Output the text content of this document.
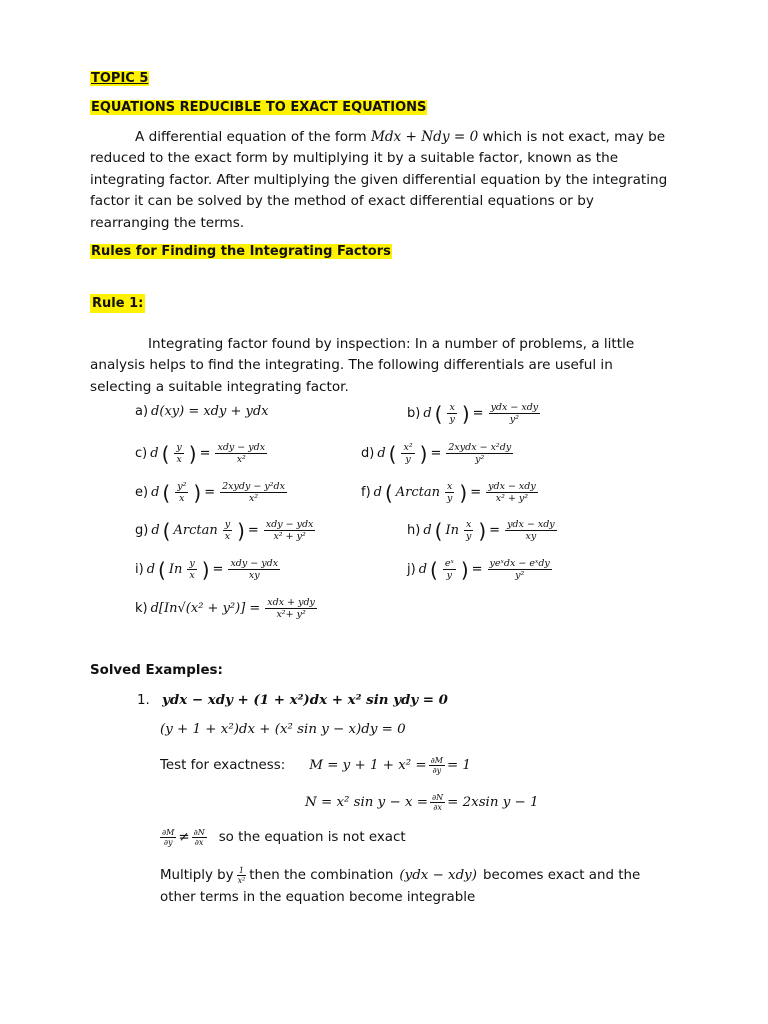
TOPIC 5
EQUATIONS REDUCIBLE TO EXACT EQUATIONS
A differential equation of the form Mdx + Ndy = 0 which is not exact, may be
reduced to the exact form by multiplying it by a suitable factor, known as the
integrating factor. After multiplying the given differential equation by the integrating
factor it can be solved by the method of exact differential equations or by
rearranging the terms.
Rules for Finding the Integrating Factors
Rule 1:
Integrating factor found by inspection: In a number of problems, a little
analysis helps to find the integrating. The following differentials are useful in
selecting a suitable integrating factor.
a) d(xy) = xdy + ydx	b) d ( $\frac{x}{y}$ ) = $\frac{\text{ydx − xdy}}{\text{y²}}$
c) d ( $\frac{y}{x}$ ) = $\frac{\text{xdy − ydx}}{\text{x²}}$	d) d ( $\frac{\text{x²}}{y}$ ) = $\frac{\text{2xydx − x²dy}}{\text{y²}}$
e) d ( $\frac{\text{y²}}{x}$ ) = $\frac{\text{2xydy − y²dx}}{\text{x²}}$	f) d ( Arctan $\frac{x}{y}$ ) = $\frac{\text{ydx − xdy}}{\text{x² + y²}}$
g) d ( Arctan $\frac{y}{x}$ ) = $\frac{\text{xdy − ydx}}{\text{x² + y²}}$	h) d ( In $\frac{x}{y}$ ) = $\frac{\text{ydx − xdy}}{xy}$
i) d ( In $\frac{y}{x}$ ) = $\frac{\text{xdy − ydx}}{xy}$	j) d ( $\frac{\text{eˣ}}{y}$ ) = $\frac{\text{yeˣdx − eˣdy}}{\text{y²}}$
k) $d[In√(x^2 + y^2)] = \frac{\text{xdx + ydy}}{\text{x²+ y²}}$
Solved Examples:
1. ydx − xdy + (1 + x²)dx + x² sin ydy = 0
(y + 1 + x²)dx + (x² sin y − x)dy = 0
Test for exactness: $M = y + 1 + x^2 = \frac{\partial M}{\partial y} = 1$
N = x² $\sin y - x = \frac{\partial N}{\partial x} = 2xsin$ y − 1
$\frac{\partial M}{\partial y} \ne \frac{\partial N}{\partial x}$ so the equation is not exact
Multiply by $\frac{1}{\text{x²}}$ then the combination (ydx − xdy) becomes exact and the
other terms in the equation become integrable
